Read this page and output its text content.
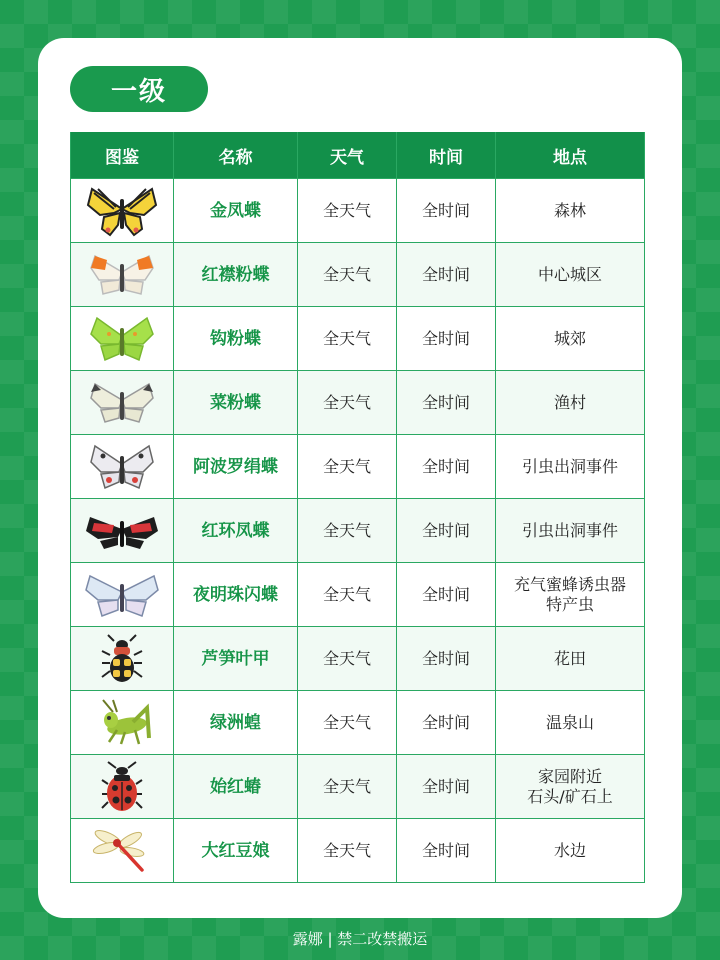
一级
图鉴	名称	天气	时间	地点

	金凤蝶	全天气	全时间	森林

	红襟粉蝶	全天气	全时间	中心城区

	钩粉蝶	全天气	全时间	城郊

	菜粉蝶	全天气	全时间	渔村

	阿波罗绢蝶	全天气	全时间	引虫出洞事件

	红环凤蝶	全天气	全时间	引虫出洞事件

	夜明珠闪蝶	全天气	全时间	充气蜜蜂诱虫器
特产虫

	芦笋叶甲	全天气	全时间	花田

	绿洲蝗	全天气	全时间	温泉山

	始红蝽	全天气	全时间	家园附近
石头/矿石上

	大红豆娘	全天气	全时间	水边
露娜 | 禁二改禁搬运
